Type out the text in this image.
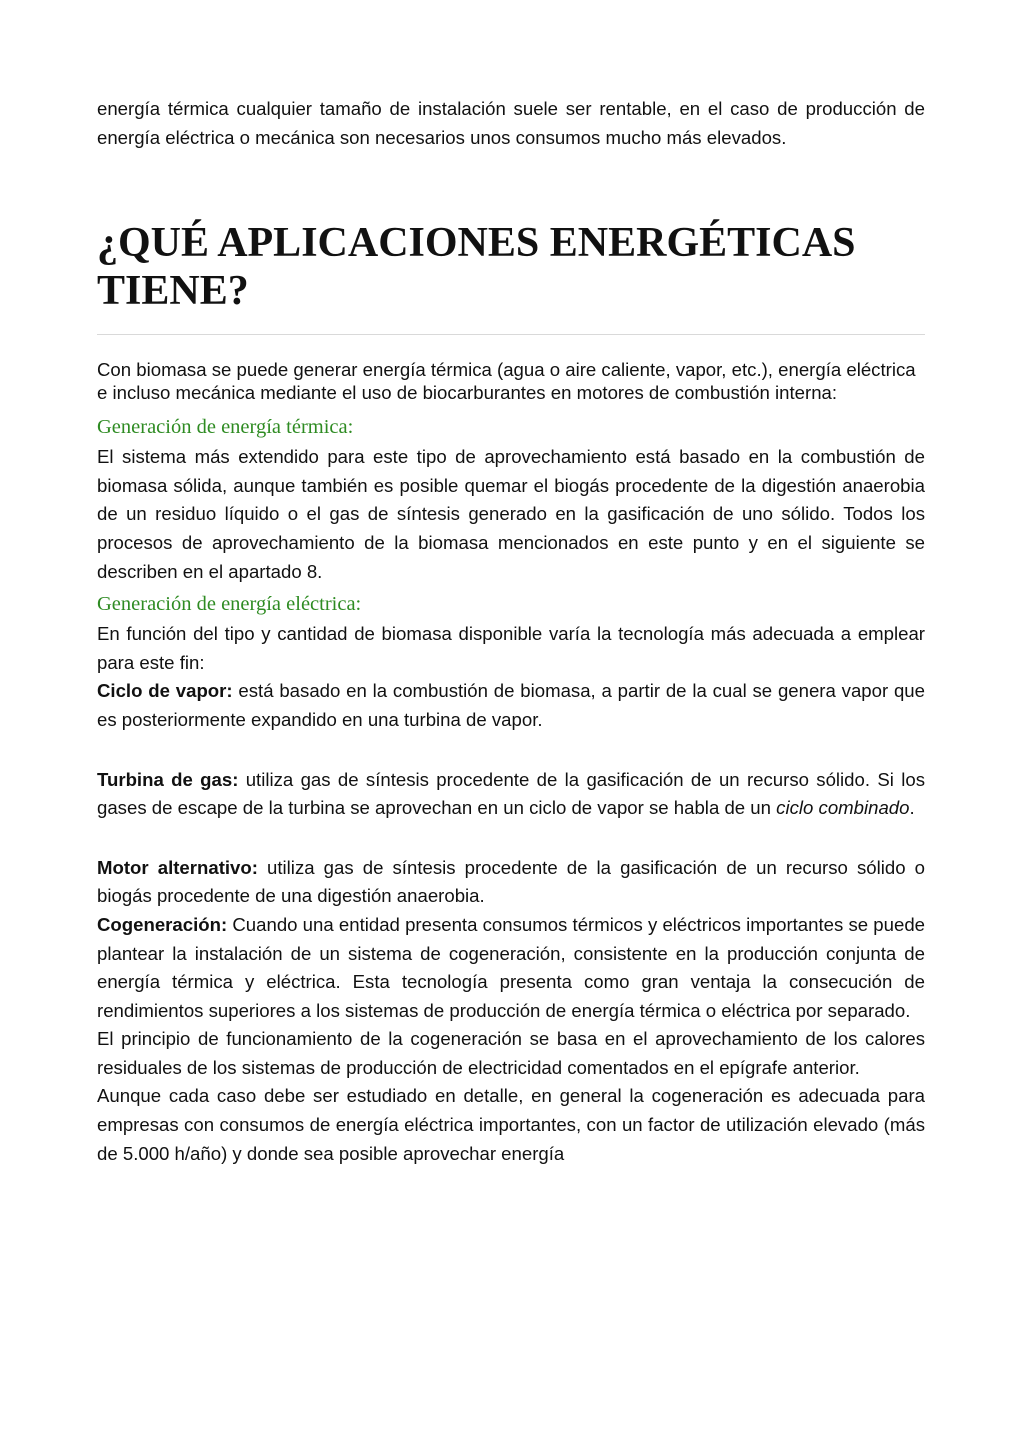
energía térmica cualquier tamaño de instalación suele ser rentable, en el caso de producción de energía eléctrica o mecánica son necesarios unos consumos mucho más elevados.

¿QUÉ APLICACIONES ENERGÉTICAS
TIENE?

Con biomasa se puede generar energía térmica (agua o aire caliente, vapor, etc.), energía eléctrica e incluso mecánica mediante el uso de biocarburantes en motores de combustión interna:

Generación de energía térmica:

El sistema más extendido para este tipo de aprovechamiento está basado en la combustión de biomasa sólida, aunque también es posible quemar el biogás procedente de la digestión anaerobia de un residuo líquido o el gas de síntesis generado en la gasificación de uno sólido. Todos los procesos de aprovechamiento de la biomasa mencionados en este punto y en el siguiente se describen en el apartado 8.

Generación de energía eléctrica:

En función del tipo y cantidad de biomasa disponible varía la tecnología más adecuada a emplear para este fin:

Ciclo de vapor: está basado en la combustión de biomasa, a partir de la cual se genera vapor que es posteriormente expandido en una turbina de vapor.

Turbina de gas: utiliza gas de síntesis procedente de la gasificación de un recurso sólido. Si los gases de escape de la turbina se aprovechan en un ciclo de vapor se habla de un ciclo combinado.

Motor alternativo: utiliza gas de síntesis procedente de la gasificación de un recurso sólido o biogás procedente de una digestión anaerobia.

Cogeneración: Cuando una entidad presenta consumos térmicos y eléctricos importantes se puede plantear la instalación de un sistema de cogeneración, consistente en la producción conjunta de energía térmica y eléctrica. Esta tecnología presenta como gran ventaja la consecución de rendimientos superiores a los sistemas de producción de energía térmica o eléctrica por separado.

El principio de funcionamiento de la cogeneración se basa en el aprovechamiento de los calores residuales de los sistemas de producción de electricidad comentados en el epígrafe anterior.

Aunque cada caso debe ser estudiado en detalle, en general la cogeneración es adecuada para empresas con consumos de energía eléctrica importantes, con un factor de utilización elevado (más de 5.000 h/año) y donde sea posible aprovechar energía
